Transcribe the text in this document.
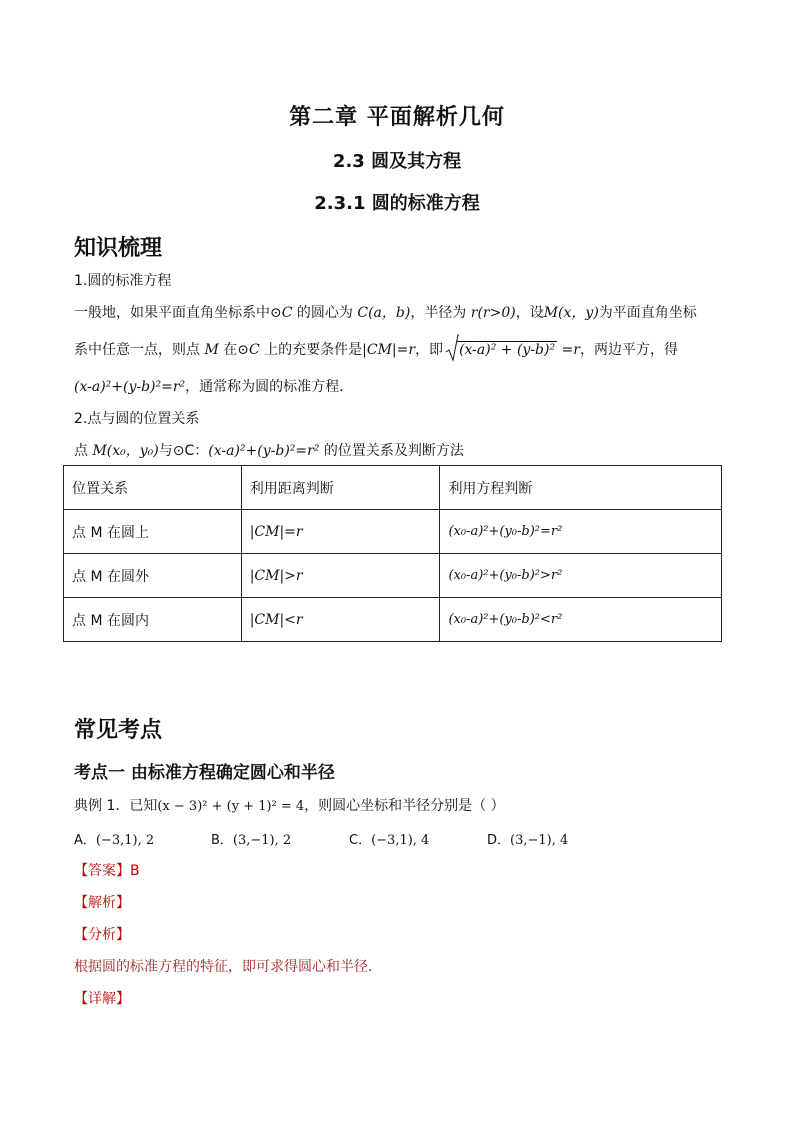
第二章 平面解析几何
2.3 圆及其方程
2.3.1 圆的标准方程
知识梳理
1.圆的标准方程
一般地，如果平面直角坐标系中⊙C 的圆心为 C(a，b)，半径为 r(r>0)，设M(x，y)为平面直角坐标
系中任意一点，则点 M 在⊙C 上的充要条件是|CM|=r，即 (x-a)² + (y-b)² =r，两边平方，得
(x-a)²+(y-b)²=r²，通常称为圆的标准方程．
2.点与圆的位置关系
点 M(x₀，y₀)与⊙C：(x-a)²+(y-b)²=r² 的位置关系及判断方法
位置关系	利用距离判断	利用方程判断
点 M 在圆上	|CM|=r	(x₀-a)²+(y₀-b)²=r²
点 M 在圆外	|CM|>r	(x₀-a)²+(y₀-b)²>r²
点 M 在圆内	|CM|<r	(x₀-a)²+(y₀-b)²<r²
常见考点
考点一 由标准方程确定圆心和半径
典例 1．已知(x − 3)² + (y + 1)² = 4，则圆心坐标和半径分别是（ ）
A．(−3,1), 2	B．(3,−1), 2	C．(−3,1), 4	D．(3,−1), 4
【答案】B
【解析】
【分析】
根据圆的标准方程的特征，即可求得圆心和半径．
【详解】
